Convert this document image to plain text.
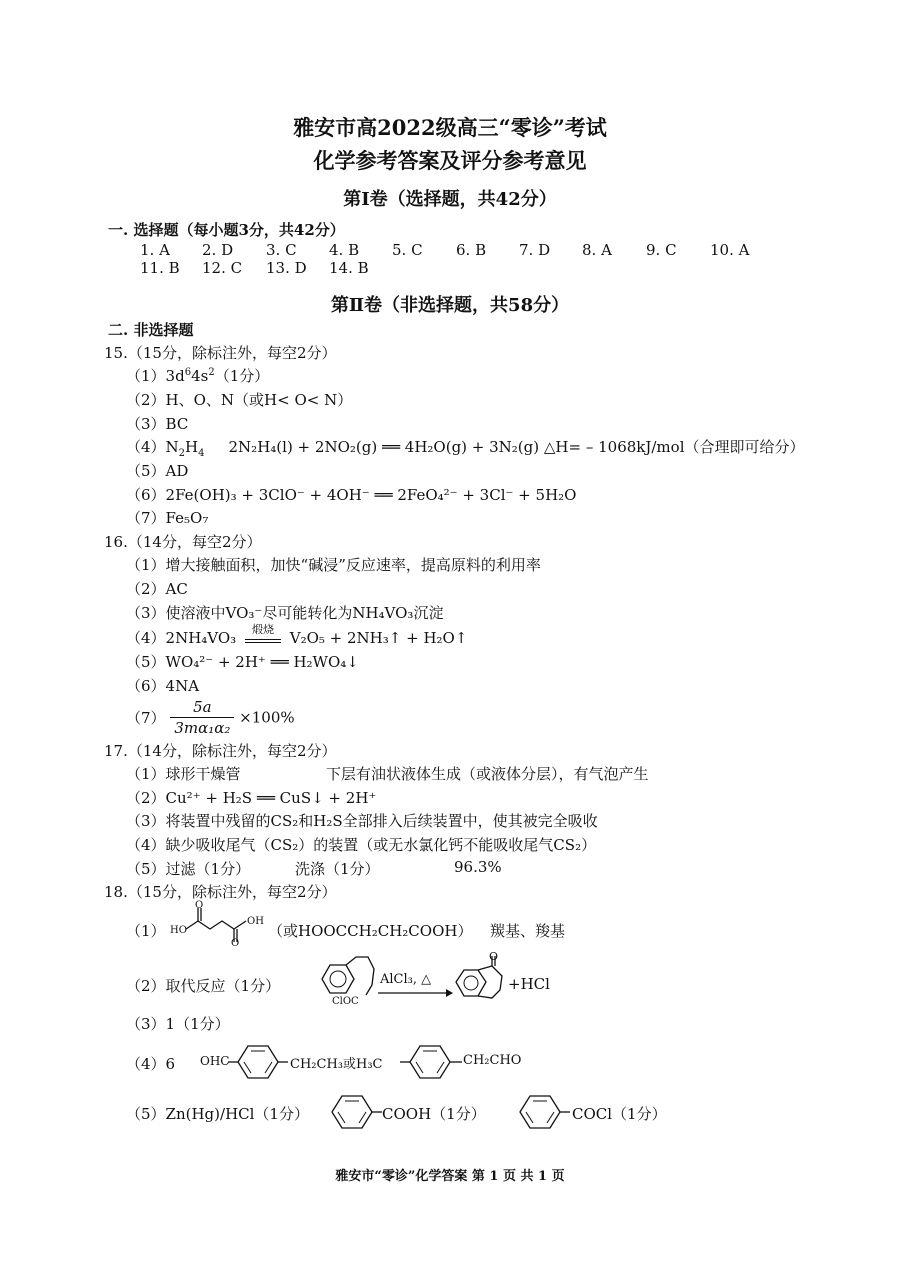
雅安市高2022级高三“零诊”考试
化学参考答案及评分参考意见
第Ⅰ卷（选择题，共42分）
一. 选择题（每小题3分，共42分）
1. A 2. D 3. C 4. B 5. C 6. B 7. D 8. A 9. C 10. A
11. B 12. C 13. D 14. B
第Ⅱ卷（非选择题，共58分）
二. 非选择题
15.（15分，除标注外，每空2分）
$(1)3d^64s^2(1$分）
（2）H、O、N（或H< O< N）
（3）BC
$(4)N_2H_4$ 2N₂H₄(l) + 2NO₂(g) ══ 4H₂O(g) + 3N₂(g) △H= – 1068kJ/mol（合理即可给分）
（5）AD
（6）2Fe(OH)₃ + 3ClO⁻ + 4OH⁻ ══ 2FeO₄²⁻ + 3Cl⁻ + 5H₂O
（7）Fe₅O₇
16.（14分，每空2分）
（1）增大接触面积，加快“碱浸”反应速率，提高原料的利用率
（2）AC
（3）使溶液中VO₃⁻尽可能转化为NH₄VO₃沉淀
（4）2NH₄VO₃	煅烧	V₂O₅ + 2NH₃↑ + H₂O↑
（5）WO₄²⁻ + 2H⁺ ══ H₂WO₄↓
（6）4NA
$(7) \frac{5a}{\text{3mα₁α₂}} \times 100\%$
17.（14分，除标注外，每空2分）
（1）球形干燥管	下层有油状液体生成（或液体分层），有气泡产生
（2）Cu²⁺ + H₂S ══ CuS↓ + 2H⁺
（3）将装置中残留的CS₂和H₂S全部排入后续装置中，使其被完全吸收
（4）缺少吸收尾气（CS₂）的装置（或无水氯化钙不能吸收尾气CS₂）
（5）过滤（1分）	洗涤（1分）	96.3%
18.（15分，除标注外，每空2分）
（1） HO
OH
O
O
（或HOOCCH₂CH₂COOH） 羰基、羧基
（2）取代反应（1分）
ClOC
AlCl₃, △
O
+HCl
（3）1（1分）
（4）6 OHC	CH₂CH₃或H₃C	CH₂CHO
（5）Zn(Hg)/HCl（1分）	COOH（1分）	COCl（1分）
雅安市“零诊”化学答案 第 1 页 共 1 页
